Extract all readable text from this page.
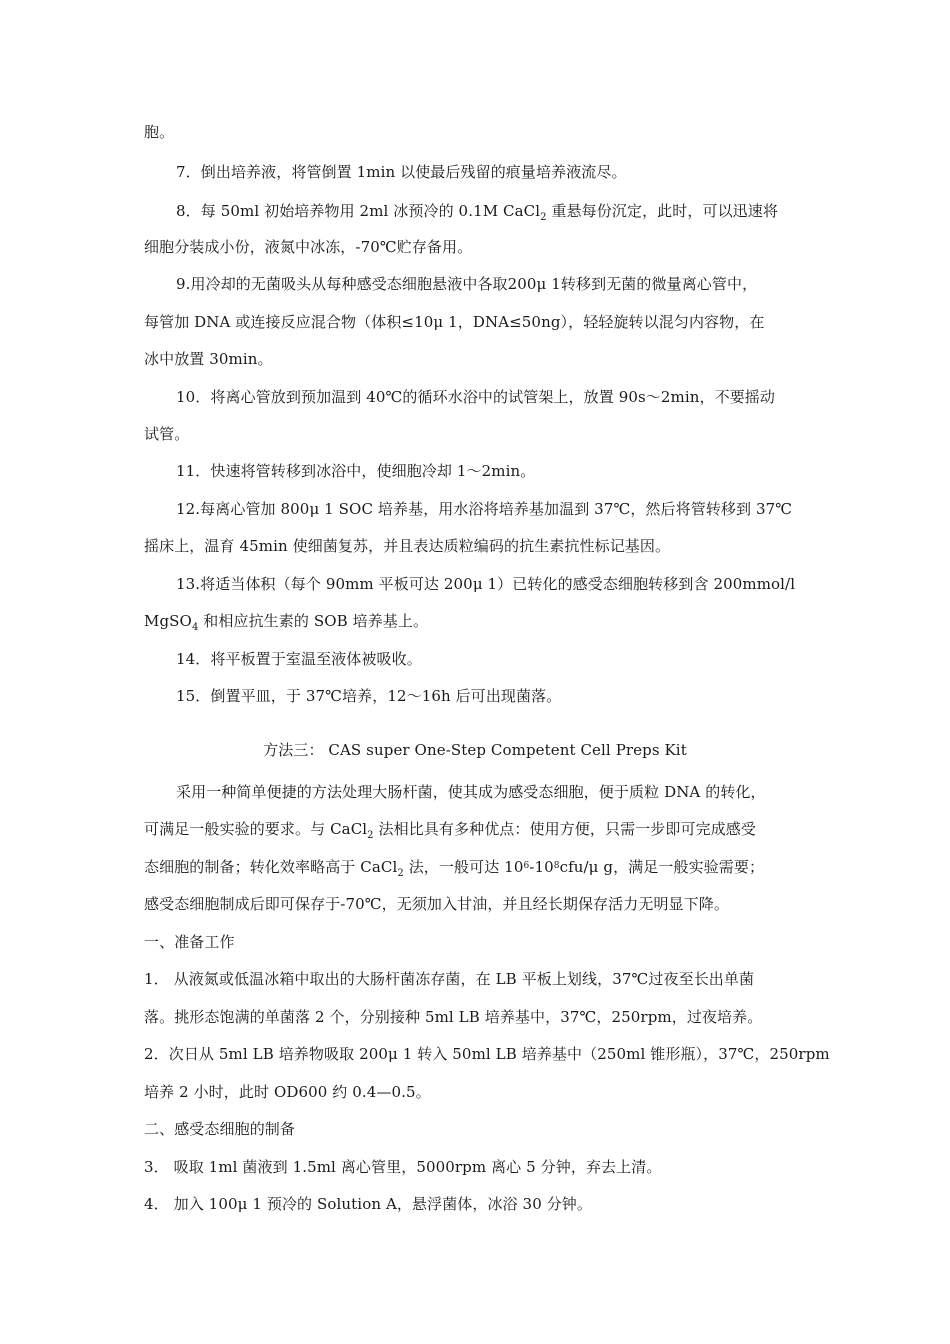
胞。
7．倒出培养液，将管倒置 1min 以使最后残留的痕量培养液流尽。
8．每 50ml 初始培养物用 2ml 冰预冷的 0.1M CaCl$_2$ 重悬每份沉定，此时，可以迅速将
细胞分装成小份，液氮中冰冻，-70℃贮存备用。
9.用冷却的无菌吸头从每种感受态细胞悬液中各取200μ 1转移到无菌的微量离心管中，
每管加 DNA 或连接反应混合物（体积≤10μ 1，DNA≤50ng），轻轻旋转以混匀内容物，在
冰中放置 30min。
10．将离心管放到预加温到 40℃的循环水浴中的试管架上，放置 90s～2min，不要摇动
试管。
11．快速将管转移到冰浴中，使细胞冷却 1～2min。
12.每离心管加 800μ 1 SOC 培养基，用水浴将培养基加温到 37℃，然后将管转移到 37℃
摇床上，温育 45min 使细菌复苏，并且表达质粒编码的抗生素抗性标记基因。
13.将适当体积（每个 90mm 平板可达 200μ 1）已转化的感受态细胞转移到含 200mmol/l
MgSO$_4$ 和相应抗生素的 SOB 培养基上。
14．将平板置于室温至液体被吸收。
15．倒置平皿，于 37℃培养，12～16h 后可出现菌落。
方法三： CAS super One-Step Competent Cell Preps Kit
采用一种简单便捷的方法处理大肠杆菌，使其成为感受态细胞，便于质粒 DNA 的转化，
可满足一般实验的要求。与 CaCl$_2$ 法相比具有多种优点：使用方便，只需一步即可完成感受
态细胞的制备；转化效率略高于 CaCl$_2$ 法，一般可达 $10^6-10^8cfu/\mu$ g，满足一般实验需要；
感受态细胞制成后即可保存于-70℃，无须加入甘油，并且经长期保存活力无明显下降。
一、准备工作
1． 从液氮或低温冰箱中取出的大肠杆菌冻存菌，在 LB 平板上划线，37℃过夜至长出单菌
落。挑形态饱满的单菌落 2 个，分别接种 5ml LB 培养基中，37℃，250rpm，过夜培养。
2．次日从 5ml LB 培养物吸取 200μ 1 转入 50ml LB 培养基中（250ml 锥形瓶），37℃，250rpm
培养 2 小时，此时 OD600 约 0.4—0.5。
二、感受态细胞的制备
3． 吸取 1ml 菌液到 1.5ml 离心管里，5000rpm 离心 5 分钟，弃去上清。
4． 加入 100μ 1 预冷的 Solution A，悬浮菌体，冰浴 30 分钟。
